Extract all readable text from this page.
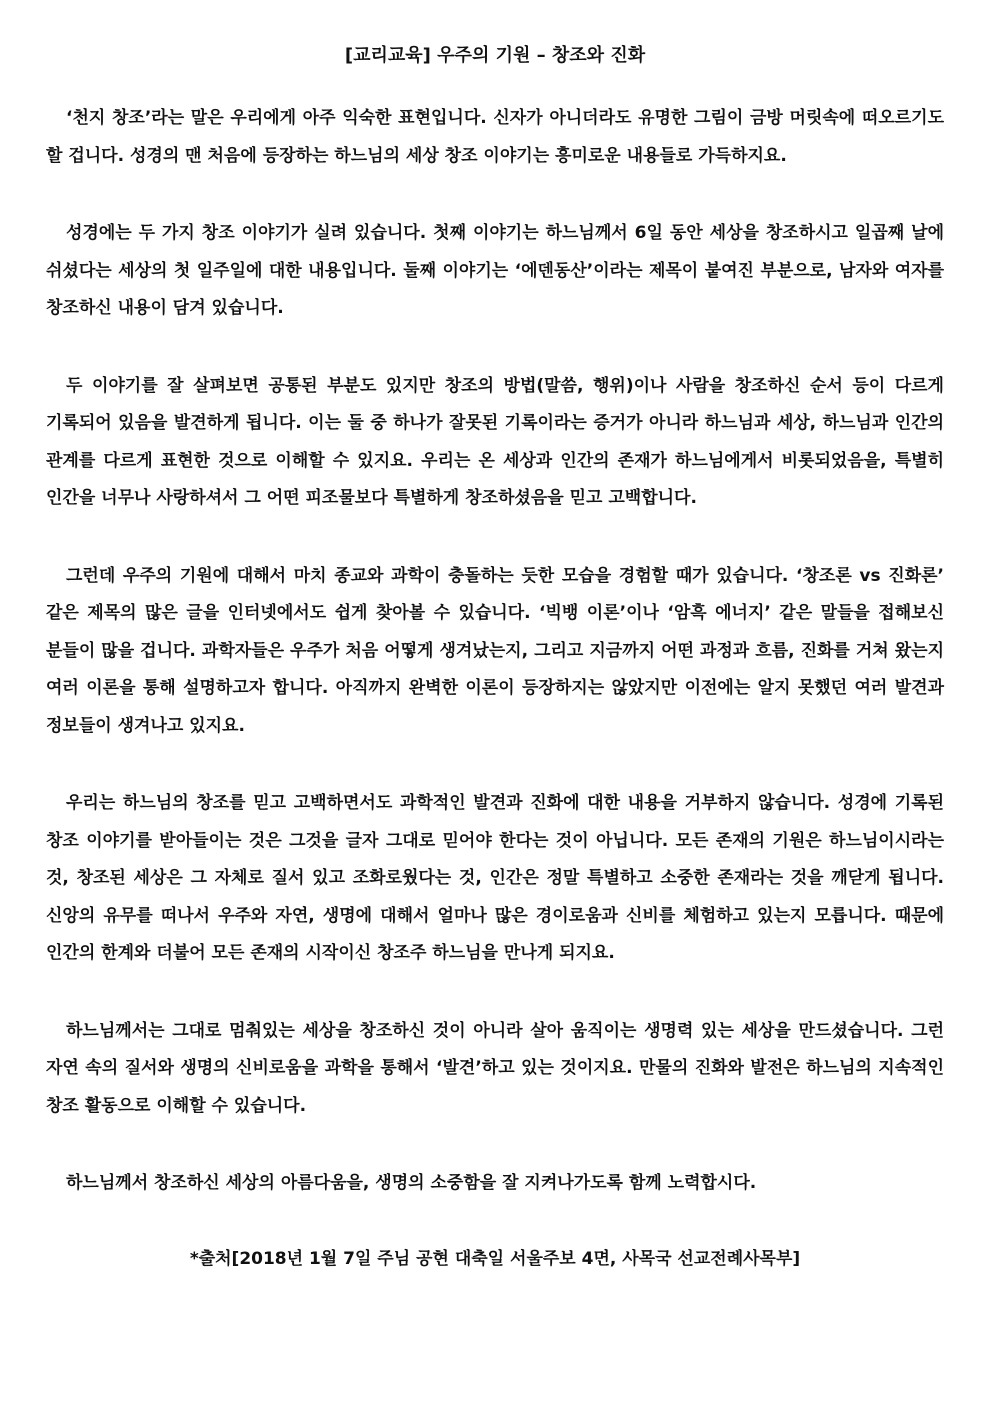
[교리교육] 우주의 기원 – 창조와 진화

‘천지 창조’라는 말은 우리에게 아주 익숙한 표현입니다. 신자가 아니더라도 유명한 그림이 금방 머릿속에 떠오르기도 할 겁니다. 성경의 맨 처음에 등장하는 하느님의 세상 창조 이야기는 흥미로운 내용들로 가득하지요.

성경에는 두 가지 창조 이야기가 실려 있습니다. 첫째 이야기는 하느님께서 6일 동안 세상을 창조하시고 일곱째 날에 쉬셨다는 세상의 첫 일주일에 대한 내용입니다. 둘째 이야기는 ‘에덴동산’이라는 제목이 붙여진 부분으로, 남자와 여자를 창조하신 내용이 담겨 있습니다.

두 이야기를 잘 살펴보면 공통된 부분도 있지만 창조의 방법(말씀, 행위)이나 사람을 창조하신 순서 등이 다르게 기록되어 있음을 발견하게 됩니다. 이는 둘 중 하나가 잘못된 기록이라는 증거가 아니라 하느님과 세상, 하느님과 인간의 관계를 다르게 표현한 것으로 이해할 수 있지요. 우리는 온 세상과 인간의 존재가 하느님에게서 비롯되었음을, 특별히 인간을 너무나 사랑하셔서 그 어떤 피조물보다 특별하게 창조하셨음을 믿고 고백합니다.

그런데 우주의 기원에 대해서 마치 종교와 과학이 충돌하는 듯한 모습을 경험할 때가 있습니다. ‘창조론 vs 진화론’ 같은 제목의 많은 글을 인터넷에서도 쉽게 찾아볼 수 있습니다. ‘빅뱅 이론’이나 ‘암흑 에너지’ 같은 말들을 접해보신 분들이 많을 겁니다. 과학자들은 우주가 처음 어떻게 생겨났는지, 그리고 지금까지 어떤 과정과 흐름, 진화를 거쳐 왔는지 여러 이론을 통해 설명하고자 합니다. 아직까지 완벽한 이론이 등장하지는 않았지만 이전에는 알지 못했던 여러 발견과 정보들이 생겨나고 있지요.

우리는 하느님의 창조를 믿고 고백하면서도 과학적인 발견과 진화에 대한 내용을 거부하지 않습니다. 성경에 기록된 창조 이야기를 받아들이는 것은 그것을 글자 그대로 믿어야 한다는 것이 아닙니다. 모든 존재의 기원은 하느님이시라는 것, 창조된 세상은 그 자체로 질서 있고 조화로웠다는 것, 인간은 정말 특별하고 소중한 존재라는 것을 깨닫게 됩니다. 신앙의 유무를 떠나서 우주와 자연, 생명에 대해서 얼마나 많은 경이로움과 신비를 체험하고 있는지 모릅니다. 때문에 인간의 한계와 더불어 모든 존재의 시작이신 창조주 하느님을 만나게 되지요.

하느님께서는 그대로 멈춰있는 세상을 창조하신 것이 아니라 살아 움직이는 생명력 있는 세상을 만드셨습니다. 그런 자연 속의 질서와 생명의 신비로움을 과학을 통해서 ‘발견’하고 있는 것이지요. 만물의 진화와 발전은 하느님의 지속적인 창조 활동으로 이해할 수 있습니다.

하느님께서 창조하신 세상의 아름다움을, 생명의 소중함을 잘 지켜나가도록 함께 노력합시다.

*출처[2018년 1월 7일 주님 공현 대축일 서울주보 4면, 사목국 선교전례사목부]
